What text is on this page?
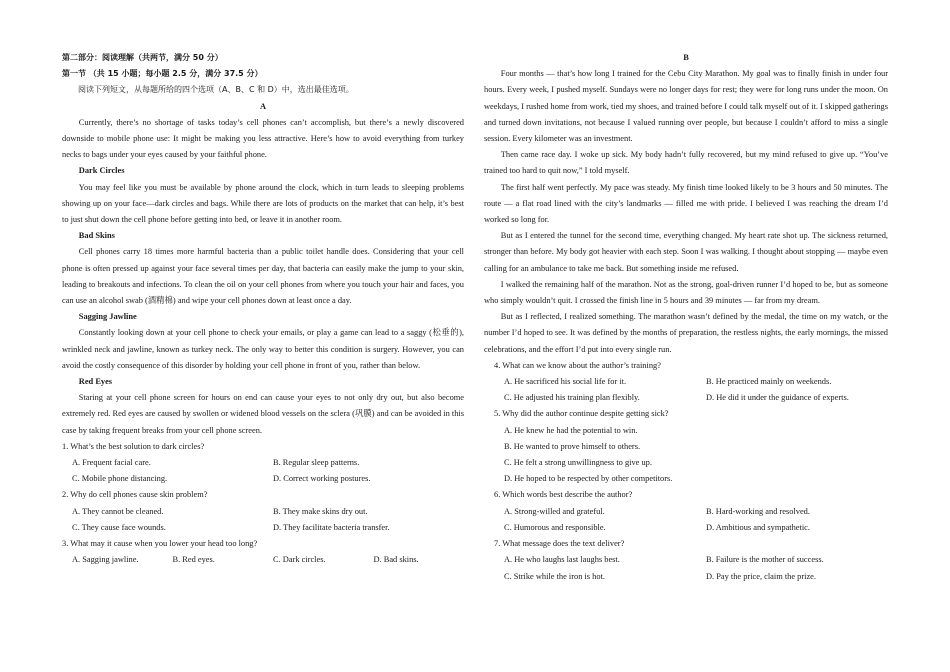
第二部分：阅读理解（共两节，满分 50 分）

第一节 （共 15 小题；每小题 2.5 分，满分 37.5 分）

阅读下列短文，从每题所给的四个选项（A、B、C 和 D）中，选出最佳选项。

A

Currently, there’s no shortage of tasks today’s cell phones can’t accomplish, but there’s a newly discovered downside to mobile phone use: It might be making you less attractive. Here’s how to avoid everything from turkey necks to bags under your eyes caused by your faithful phone.

Dark Circles

You may feel like you must be available by phone around the clock, which in turn leads to sleeping problems showing up on your face—dark circles and bags. While there are lots of products on the market that can help, it’s best to just shut down the cell phone before getting into bed, or leave it in another room.

Bad Skins

Cell phones carry 18 times more harmful bacteria than a public toilet handle does. Considering that your cell phone is often pressed up against your face several times per day, that bacteria can easily make the jump to your skin, leading to breakouts and infections. To clean the oil on your cell phones from where you touch your hair and faces, you can use an alcohol swab (酒精棉) and wipe your cell phones down at least once a day.

Sagging Jawline

Constantly looking down at your cell phone to check your emails, or play a game can lead to a saggy (松垂的), wrinkled neck and jawline, known as turkey neck. The only way to better this condition is surgery. However, you can avoid the costly consequence of this disorder by holding your cell phone in front of you, rather than below.

Red Eyes

Staring at your cell phone screen for hours on end can cause your eyes to not only dry out, but also become extremely red. Red eyes are caused by swollen or widened blood vessels on the sclera (巩膜) and can be avoided in this case by taking frequent breaks from your cell phone screen.

1. What’s the best solution to dark circles?

A. Frequent facial care.	B. Regular sleep patterns.
C. Mobile phone distancing.	D. Correct working postures.

2. Why do cell phones cause skin problem?

A. They cannot be cleaned.	B. They make skins dry out.
C. They cause face wounds.	D. They facilitate bacteria transfer.

3. What may it cause when you lower your head too long?

A. Sagging jawline.	B. Red eyes.	C. Dark circles.	D. Bad skins.

B

Four months — that’s how long I trained for the Cebu City Marathon. My goal was to finally finish in under four hours. Every week, I pushed myself. Sundays were no longer days for rest; they were for long runs under the moon. On weekdays, I rushed home from work, tied my shoes, and trained before I could talk myself out of it. I skipped gatherings and turned down invitations, not because I valued running over people, but because I couldn’t afford to miss a single session. Every kilometer was an investment.

Then came race day. I woke up sick. My body hadn’t fully recovered, but my mind refused to give up. “You’ve trained too hard to quit now,” I told myself.

The first half went perfectly. My pace was steady. My finish time looked likely to be 3 hours and 50 minutes. The route — a flat road lined with the city’s landmarks — filled me with pride. I believed I was reaching the dream I’d worked so long for.

But as I entered the tunnel for the second time, everything changed. My heart rate shot up. The sickness returned, stronger than before. My body got heavier with each step. Soon I was walking. I thought about stopping — maybe even calling for an ambulance to take me back. But something inside me refused.

I walked the remaining half of the marathon. Not as the strong, goal-driven runner I’d hoped to be, but as someone who simply wouldn’t quit. I crossed the finish line in 5 hours and 39 minutes — far from my dream.

But as I reflected, I realized something. The marathon wasn’t defined by the medal, the time on my watch, or the number I’d hoped to see. It was defined by the months of preparation, the restless nights, the early mornings, the missed celebrations, and the effort I’d put into every single run.

4. What can we know about the author’s training?

A. He sacrificed his social life for it.	B. He practiced mainly on weekends.
C. He adjusted his training plan flexibly.	D. He did it under the guidance of experts.

5. Why did the author continue despite getting sick?

A. He knew he had the potential to win.
B. He wanted to prove himself to others.
C. He felt a strong unwillingness to give up.
D. He hoped to be respected by other competitors.

6. Which words best describe the author?

A. Strong-willed and grateful.	B. Hard-working and resolved.
C. Humorous and responsible.	D. Ambitious and sympathetic.

7. What message does the text deliver?

A. He who laughs last laughs best.	B. Failure is the mother of success.
C. Strike while the iron is hot.	D. Pay the price, claim the prize.
